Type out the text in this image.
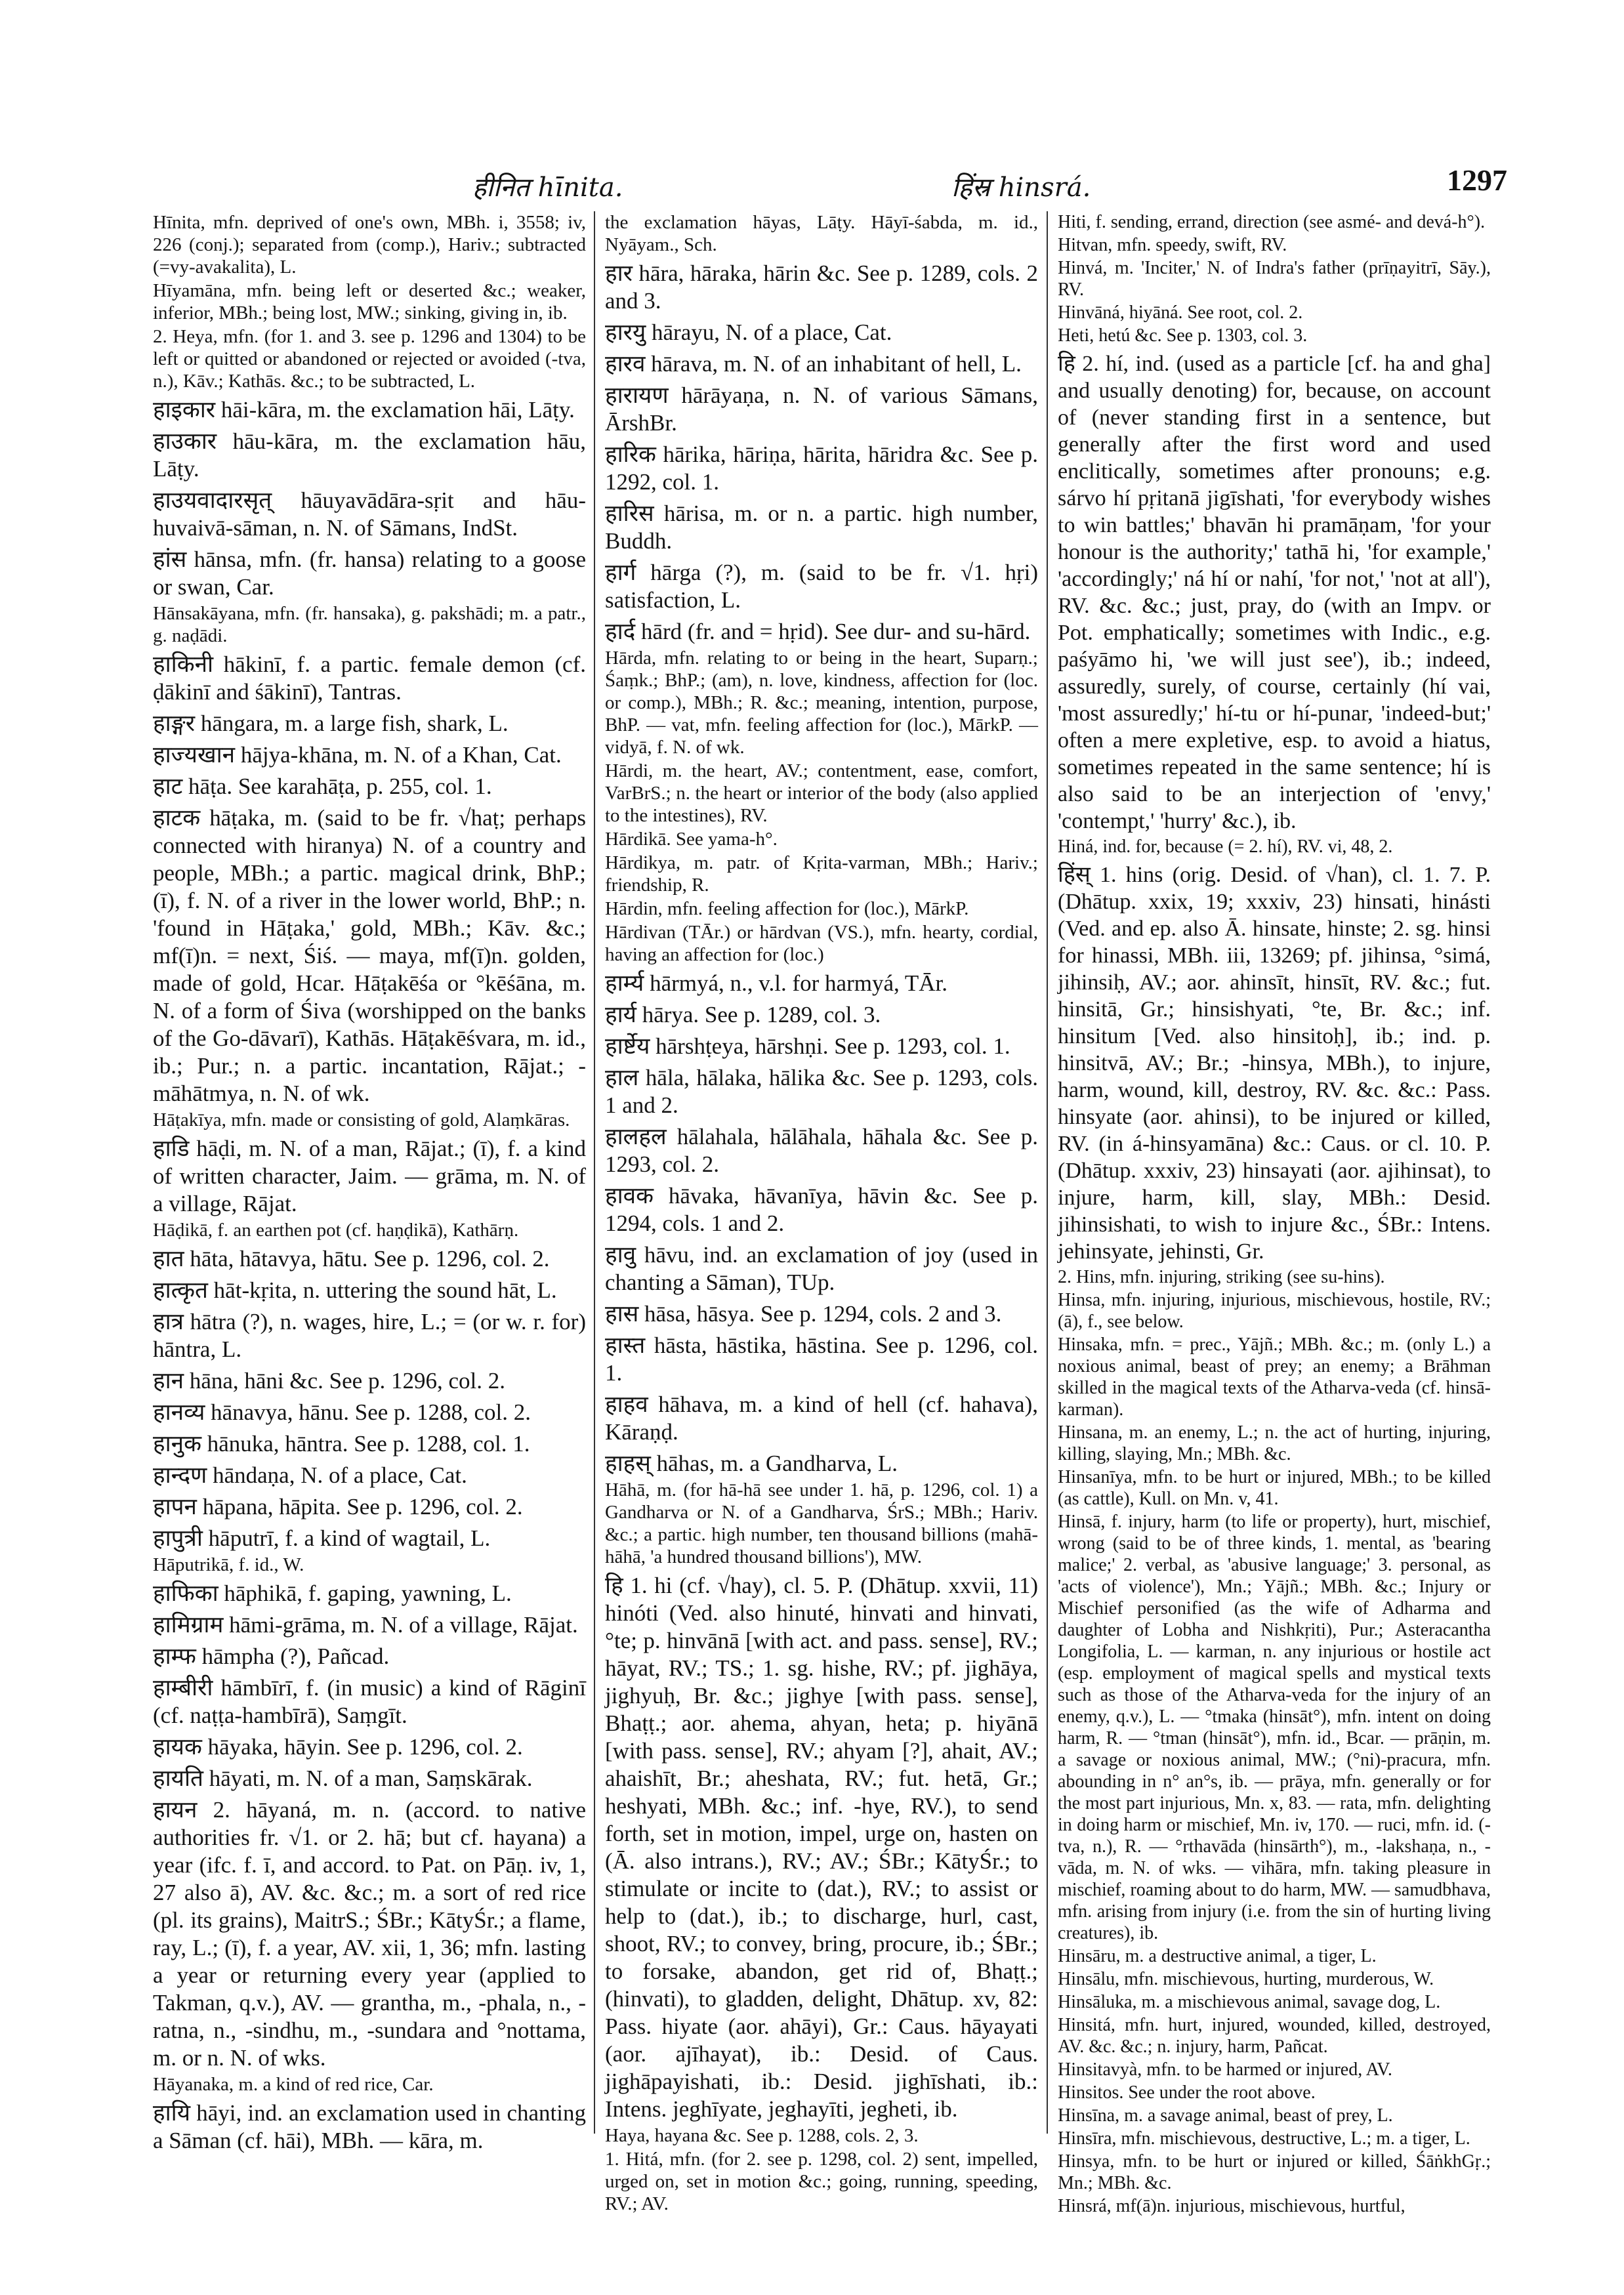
हीनित hīnita.	हिंस्र hinsrá.	1297

Hīnita, mfn. deprived of one's own, MBh. i, 3558; iv, 226 (conj.); separated from (comp.), Hariv.; subtracted (=vy-avakalita), L.

Hīyamāna, mfn. being left or deserted &c.; weaker, inferior, MBh.; being lost, MW.; sinking, giving in, ib.

2. Heya, mfn. (for 1. and 3. see p. 1296 and 1304) to be left or quitted or abandoned or rejected or avoided (-tva, n.), Kāv.; Kathās. &c.; to be subtracted, L.

हाइकार hāi-kāra, m. the exclamation hāi, Lāṭy.

हाउकार hāu-kāra, m. the exclamation hāu, Lāṭy.

हाउयवादारसृत् hāuyavādāra-sṛit and hāu-huvaivā-sāman, n. N. of Sāmans, IndSt.

हांस hānsa, mfn. (fr. hansa) relating to a goose or swan, Car.

Hānsakāyana, mfn. (fr. hansaka), g. pakshādi; m. a patr., g. naḍādi.

हाकिनी hākinī, f. a partic. female demon (cf. ḍākinī and śākinī), Tantras.

हाङ्गर hāngara, m. a large fish, shark, L.

हाज्यखान hājya-khāna, m. N. of a Khan, Cat.

हाट hāṭa. See karahāṭa, p. 255, col. 1.

हाटक hāṭaka, m. (said to be fr. √haṭ; perhaps connected with hiranya) N. of a country and people, MBh.; a partic. magical drink, BhP.; (ī), f. N. of a river in the lower world, BhP.; n. 'found in Hāṭaka,' gold, MBh.; Kāv. &c.; mf(ī)n. = next, Śiś. — maya, mf(ī)n. golden, made of gold, Hcar. Hāṭakēśa or °kēśāna, m. N. of a form of Śiva (worshipped on the banks of the Go-dāvarī), Kathās. Hāṭakēśvara, m. id., ib.; Pur.; n. a partic. incantation, Rājat.; -māhātmya, n. N. of wk.

Hāṭakīya, mfn. made or consisting of gold, Alaṃkāras.

हाडि hāḍi, m. N. of a man, Rājat.; (ī), f. a kind of written character, Jaim. — grāma, m. N. of a village, Rājat.

Hāḍikā, f. an earthen pot (cf. haṇḍikā), Kathārṇ.

हात hāta, hātavya, hātu. See p. 1296, col. 2.

हात्कृत hāt-kṛita, n. uttering the sound hāt, L.

हात्र hātra (?), n. wages, hire, L.; = (or w. r. for) hāntra, L.

हान hāna, hāni &c. See p. 1296, col. 2.

हानव्य hānavya, hānu. See p. 1288, col. 2.

हानुक hānuka, hāntra. See p. 1288, col. 1.

हान्दण hāndaṇa, N. of a place, Cat.

हापन hāpana, hāpita. See p. 1296, col. 2.

हापुत्री hāputrī, f. a kind of wagtail, L.

Hāputrikā, f. id., W.

हाफिका hāphikā, f. gaping, yawning, L.

हामिग्राम hāmi-grāma, m. N. of a village, Rājat.

हाम्फ hāmpha (?), Pañcad.

हाम्बीरी hāmbīrī, f. (in music) a kind of Rāginī (cf. naṭṭa-hambīrā), Saṃgīt.

हायक hāyaka, hāyin. See p. 1296, col. 2.

हायति hāyati, m. N. of a man, Saṃskārak.

हायन 2. hāyaná, m. n. (accord. to native authorities fr. √1. or 2. hā; but cf. hayana) a year (ifc. f. ī, and accord. to Pat. on Pāṇ. iv, 1, 27 also ā), AV. &c. &c.; m. a sort of red rice (pl. its grains), MaitrS.; ŚBr.; KātyŚr.; a flame, ray, L.; (ī), f. a year, AV. xii, 1, 36; mfn. lasting a year or returning every year (applied to Takman, q.v.), AV. — grantha, m., -phala, n., -ratna, n., -sindhu, m., -sundara and °nottama, m. or n. N. of wks.

Hāyanaka, m. a kind of red rice, Car.

हायि hāyi, ind. an exclamation used in chanting a Sāman (cf. hāi), MBh. — kāra, m.

the exclamation hāyas, Lāṭy. Hāyī-śabda, m. id., Nyāyam., Sch.

हार hāra, hāraka, hārin &c. See p. 1289, cols. 2 and 3.

हारयु hārayu, N. of a place, Cat.

हारव hārava, m. N. of an inhabitant of hell, L.

हारायण hārāyaṇa, n. N. of various Sāmans, ĀrshBr.

हारिक hārika, hāriṇa, hārita, hāridra &c. See p. 1292, col. 1.

हारिस hārisa, m. or n. a partic. high number, Buddh.

हार्ग hārga (?), m. (said to be fr. √1. hṛi) satisfaction, L.

हार्द hārd (fr. and = hṛid). See dur- and su-hārd.

Hārda, mfn. relating to or being in the heart, Suparṇ.; Śaṃk.; BhP.; (am), n. love, kindness, affection for (loc. or comp.), MBh.; R. &c.; meaning, intention, purpose, BhP. — vat, mfn. feeling affection for (loc.), MārkP. — vidyā, f. N. of wk.

Hārdi, m. the heart, AV.; contentment, ease, comfort, VarBrS.; n. the heart or interior of the body (also applied to the intestines), RV.

Hārdikā. See yama-h°.

Hārdikya, m. patr. of Kṛita-varman, MBh.; Hariv.; friendship, R.

Hārdin, mfn. feeling affection for (loc.), MārkP.

Hārdivan (TĀr.) or hārdvan (VS.), mfn. hearty, cordial, having an affection for (loc.)

हार्म्य hārmyá, n., v.l. for harmyá, TĀr.

हार्य hārya. See p. 1289, col. 3.

हार्ष्टेय hārshṭeya, hārshṇi. See p. 1293, col. 1.

हाल hāla, hālaka, hālika &c. See p. 1293, cols. 1 and 2.

हालहल hālahala, hālāhala, hāhala &c. See p. 1293, col. 2.

हावक hāvaka, hāvanīya, hāvin &c. See p. 1294, cols. 1 and 2.

हावु hāvu, ind. an exclamation of joy (used in chanting a Sāman), TUp.

हास hāsa, hāsya. See p. 1294, cols. 2 and 3.

हास्त hāsta, hāstika, hāstina. See p. 1296, col. 1.

हाहव hāhava, m. a kind of hell (cf. hahava), Kāraṇḍ.

हाहस् hāhas, m. a Gandharva, L.

Hāhā, m. (for hā-hā see under 1. hā, p. 1296, col. 1) a Gandharva or N. of a Gandharva, ŚrS.; MBh.; Hariv. &c.; a partic. high number, ten thousand billions (mahā-hāhā, 'a hundred thousand billions'), MW.

हि 1. hi (cf. √hay), cl. 5. P. (Dhātup. xxvii, 11) hinóti (Ved. also hinuté, hinvati and hinvati, °te; p. hinvānā [with act. and pass. sense], RV.; hāyat, RV.; TS.; 1. sg. hishe, RV.; pf. jighāya, jighyuḥ, Br. &c.; jighye [with pass. sense], Bhaṭṭ.; aor. ahema, ahyan, heta; p. hiyānā [with pass. sense], RV.; ahyam [?], ahait, AV.; ahaishīt, Br.; aheshata, RV.; fut. hetā, Gr.; heshyati, MBh. &c.; inf. -hye, RV.), to send forth, set in motion, impel, urge on, hasten on (Ā. also intrans.), RV.; AV.; ŚBr.; KātyŚr.; to stimulate or incite to (dat.), RV.; to assist or help to (dat.), ib.; to discharge, hurl, cast, shoot, RV.; to convey, bring, procure, ib.; ŚBr.; to forsake, abandon, get rid of, Bhaṭṭ.; (hinvati), to gladden, delight, Dhātup. xv, 82: Pass. hiyate (aor. ahāyi), Gr.: Caus. hāyayati (aor. ajīhayat), ib.: Desid. of Caus. jighāpayishati, ib.: Desid. jighīshati, ib.: Intens. jeghīyate, jeghayīti, jegheti, ib.

Haya, hayana &c. See p. 1288, cols. 2, 3.

1. Hitá, mfn. (for 2. see p. 1298, col. 2) sent, impelled, urged on, set in motion &c.; going, running, speeding, RV.; AV.

Hiti, f. sending, errand, direction (see asmé- and devá-h°).

Hitvan, mfn. speedy, swift, RV.

Hinvá, m. 'Inciter,' N. of Indra's father (prīṇayitrī, Sāy.), RV.

Hinvāná, hiyāná. See root, col. 2.

Heti, hetú &c. See p. 1303, col. 3.

हि 2. hí, ind. (used as a particle [cf. ha and gha] and usually denoting) for, because, on account of (never standing first in a sentence, but generally after the first word and used enclitically, sometimes after pronouns; e.g. sárvo hí pṛitanā jigīshati, 'for everybody wishes to win battles;' bhavān hi pramāṇam, 'for your honour is the authority;' tathā hi, 'for example,' 'accordingly;' ná hí or nahí, 'for not,' 'not at all'), RV. &c. &c.; just, pray, do (with an Impv. or Pot. emphatically; sometimes with Indic., e.g. paśyāmo hi, 'we will just see'), ib.; indeed, assuredly, surely, of course, certainly (hí vai, 'most assuredly;' hí-tu or hí-punar, 'indeed-but;' often a mere expletive, esp. to avoid a hiatus, sometimes repeated in the same sentence; hí is also said to be an interjection of 'envy,' 'contempt,' 'hurry' &c.), ib.

Hiná, ind. for, because (= 2. hí), RV. vi, 48, 2.

हिंस् 1. hins (orig. Desid. of √han), cl. 1. 7. P. (Dhātup. xxix, 19; xxxiv, 23) hinsati, hinásti (Ved. and ep. also Ā. hinsate, hinste; 2. sg. hinsi for hinassi, MBh. iii, 13269; pf. jihinsa, °simá, jihinsiḥ, AV.; aor. ahinsīt, hinsīt, RV. &c.; fut. hinsitā, Gr.; hinsishyati, °te, Br. &c.; inf. hinsitum [Ved. also hinsitoḥ], ib.; ind. p. hinsitvā, AV.; Br.; -hinsya, MBh.), to injure, harm, wound, kill, destroy, RV. &c. &c.: Pass. hinsyate (aor. ahinsi), to be injured or killed, RV. (in á-hinsyamāna) &c.: Caus. or cl. 10. P. (Dhātup. xxxiv, 23) hinsayati (aor. ajihinsat), to injure, harm, kill, slay, MBh.: Desid. jihinsishati, to wish to injure &c., ŚBr.: Intens. jehinsyate, jehinsti, Gr.

2. Hins, mfn. injuring, striking (see su-hins).

Hinsa, mfn. injuring, injurious, mischievous, hostile, RV.; (ā), f., see below.

Hinsaka, mfn. = prec., Yājñ.; MBh. &c.; m. (only L.) a noxious animal, beast of prey; an enemy; a Brāhman skilled in the magical texts of the Atharva-veda (cf. hinsā-karman).

Hinsana, m. an enemy, L.; n. the act of hurting, injuring, killing, slaying, Mn.; MBh. &c.

Hinsanīya, mfn. to be hurt or injured, MBh.; to be killed (as cattle), Kull. on Mn. v, 41.

Hinsā, f. injury, harm (to life or property), hurt, mischief, wrong (said to be of three kinds, 1. mental, as 'bearing malice;' 2. verbal, as 'abusive language;' 3. personal, as 'acts of violence'), Mn.; Yājñ.; MBh. &c.; Injury or Mischief personified (as the wife of Adharma and daughter of Lobha and Nishkṛiti), Pur.; Asteracantha Longifolia, L. — karman, n. any injurious or hostile act (esp. employment of magical spells and mystical texts such as those of the Atharva-veda for the injury of an enemy, q.v.), L. — °tmaka (hinsāt°), mfn. intent on doing harm, R. — °tman (hinsāt°), mfn. id., Bcar. — prāṇin, m. a savage or noxious animal, MW.; (°ni)-pracura, mfn. abounding in n° an°s, ib. — prāya, mfn. generally or for the most part injurious, Mn. x, 83. — rata, mfn. delighting in doing harm or mischief, Mn. iv, 170. — ruci, mfn. id. (-tva, n.), R. — °rthavāda (hinsārth°), m., -lakshaṇa, n., -vāda, m. N. of wks. — vihāra, mfn. taking pleasure in mischief, roaming about to do harm, MW. — samudbhava, mfn. arising from injury (i.e. from the sin of hurting living creatures), ib.

Hinsāru, m. a destructive animal, a tiger, L.

Hinsālu, mfn. mischievous, hurting, murderous, W.

Hinsāluka, m. a mischievous animal, savage dog, L.

Hinsitá, mfn. hurt, injured, wounded, killed, destroyed, AV. &c. &c.; n. injury, harm, Pañcat.

Hinsitavyà, mfn. to be harmed or injured, AV.

Hinsitos. See under the root above.

Hinsīna, m. a savage animal, beast of prey, L.

Hinsīra, mfn. mischievous, destructive, L.; m. a tiger, L.

Hinsya, mfn. to be hurt or injured or killed, ŚāṅkhGṛ.; Mn.; MBh. &c.

Hinsrá, mf(ā)n. injurious, mischievous, hurtful,
